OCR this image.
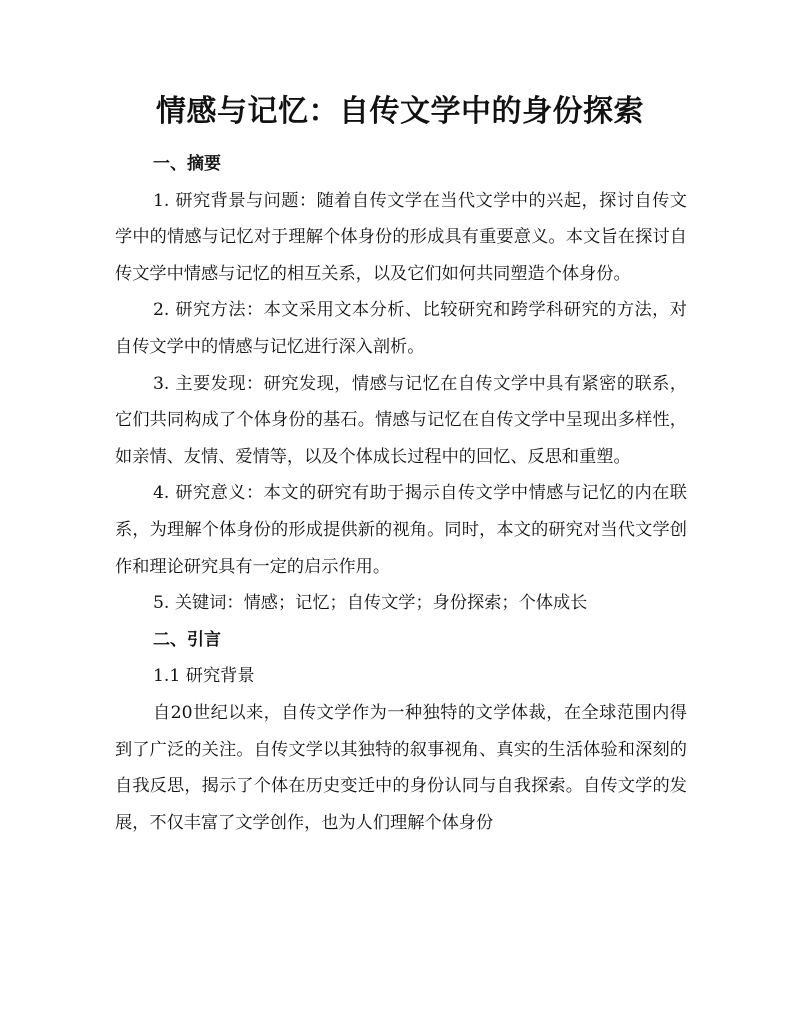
情感与记忆：自传文学中的身份探索
一、摘要

1. 研究背景与问题：随着自传文学在当代文学中的兴起，探讨自传文学中的情感与记忆对于理解个体身份的形成具有重要意义。本文旨在探讨自传文学中情感与记忆的相互关系，以及它们如何共同塑造个体身份。

2. 研究方法：本文采用文本分析、比较研究和跨学科研究的方法，对自传文学中的情感与记忆进行深入剖析。

3. 主要发现：研究发现，情感与记忆在自传文学中具有紧密的联系，它们共同构成了个体身份的基石。情感与记忆在自传文学中呈现出多样性，如亲情、友情、爱情等，以及个体成长过程中的回忆、反思和重塑。

4. 研究意义：本文的研究有助于揭示自传文学中情感与记忆的内在联系，为理解个体身份的形成提供新的视角。同时，本文的研究对当代文学创作和理论研究具有一定的启示作用。

5. 关键词：情感；记忆；自传文学；身份探索；个体成长

二、引言

1.1 研究背景

自20世纪以来，自传文学作为一种独特的文学体裁，在全球范围内得到了广泛的关注。自传文学以其独特的叙事视角、真实的生活体验和深刻的自我反思，揭示了个体在历史变迁中的身份认同与自我探索。自传文学的发展，不仅丰富了文学创作，也为人们理解个体身份
